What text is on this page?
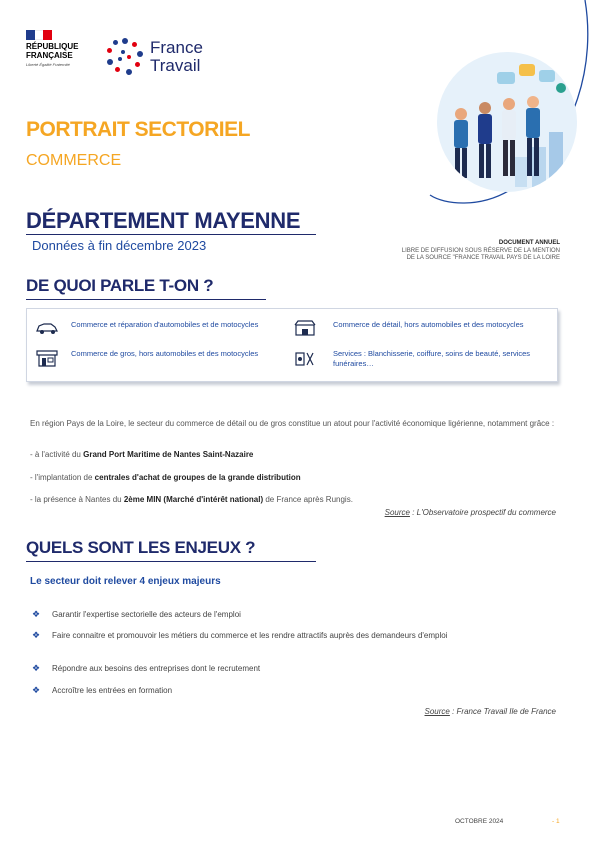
RÉPUBLIQUE FRANÇAISE
Liberté Égalité Fraternité
France
Travail
PORTRAIT SECTORIEL
COMMERCE
DÉPARTEMENT MAYENNE
Données à fin décembre 2023	DOCUMENT ANNUEL
LIBRE DE DIFFUSION SOUS RÉSERVE DE LA MENTION
DE LA SOURCE "FRANCE TRAVAIL PAYS DE LA LOIRE
DE QUOI PARLE T-ON ?
Commerce et réparation d'automobiles et de motocycles	Commerce de détail, hors automobiles et des motocycles
Commerce de gros, hors automobiles et des motocycles	Services : Blanchisserie, coiffure, soins de beauté, services funéraires…
En région Pays de la Loire, le secteur du commerce de détail ou de gros constitue un atout pour l'activité économique ligérienne, notamment grâce :
- à l'activité du Grand Port Maritime de Nantes Saint-Nazaire
- l'implantation de centrales d'achat de groupes de la grande distribution
- la présence à Nantes du 2ème MIN (Marché d'intérêt national) de France après Rungis.
Source : L'Observatoire prospectif du commerce
QUELS SONT LES ENJEUX ?
Le secteur doit relever 4 enjeux majeurs
❖ Garantir l'expertise sectorielle des acteurs de l'emploi
❖ Faire connaitre et promouvoir les métiers du commerce et les rendre attractifs auprès des demandeurs d'emploi
❖ Répondre aux besoins des entreprises dont le recrutement
❖ Accroître les entrées en formation
Source : France Travail Ile de France
OCTOBRE 2024	- 1
